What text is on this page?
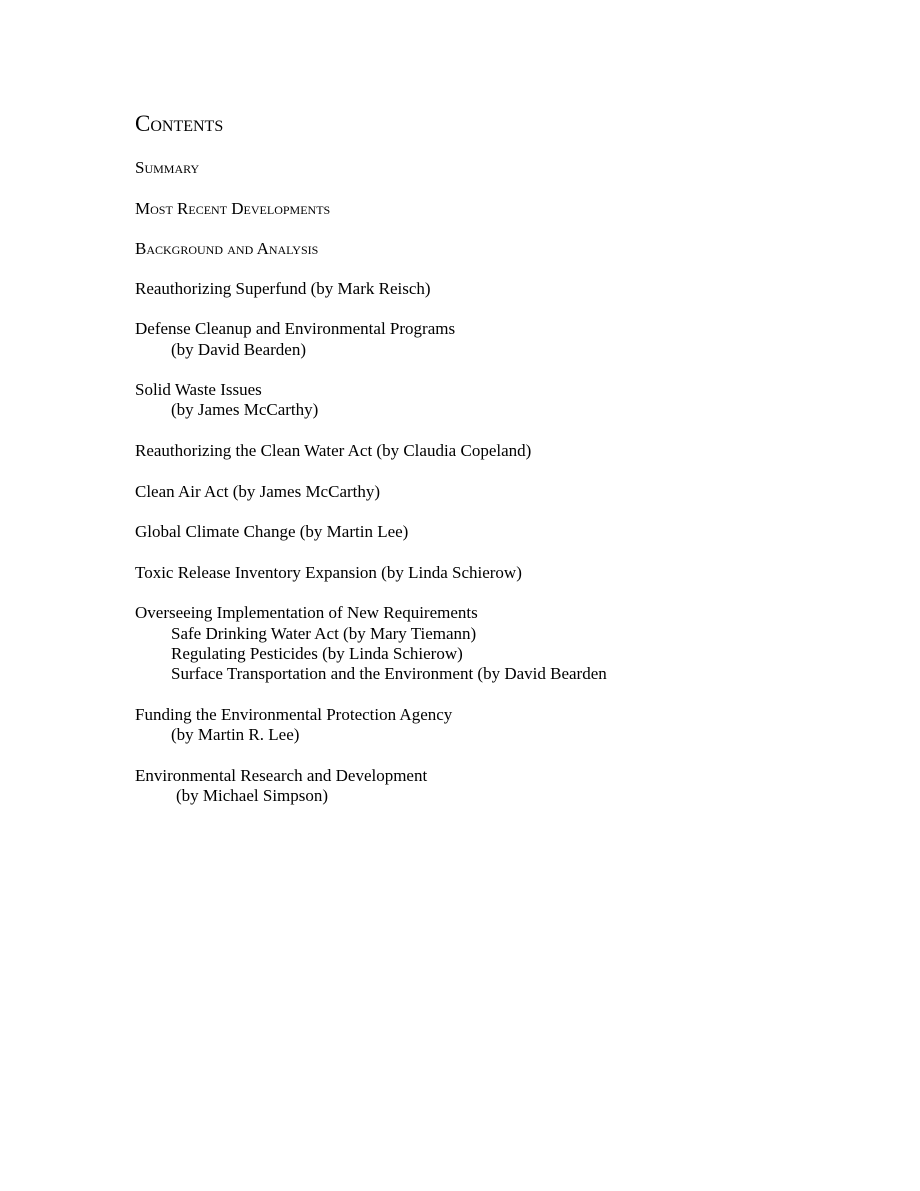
Contents
Summary
Most Recent Developments
Background and Analysis
Reauthorizing Superfund (by Mark Reisch)
Defense Cleanup and Environmental Programs
(by David Bearden)
Solid Waste Issues
(by James McCarthy)
Reauthorizing the Clean Water Act (by Claudia Copeland)
Clean Air Act (by James McCarthy)
Global Climate Change (by Martin Lee)
Toxic Release Inventory Expansion (by Linda Schierow)
Overseeing Implementation of New Requirements
Safe Drinking Water Act (by Mary Tiemann)
Regulating Pesticides (by Linda Schierow)
Surface Transportation and the Environment (by David Bearden
Funding the Environmental Protection Agency
(by Martin R. Lee)
Environmental Research and Development
(by Michael Simpson)
